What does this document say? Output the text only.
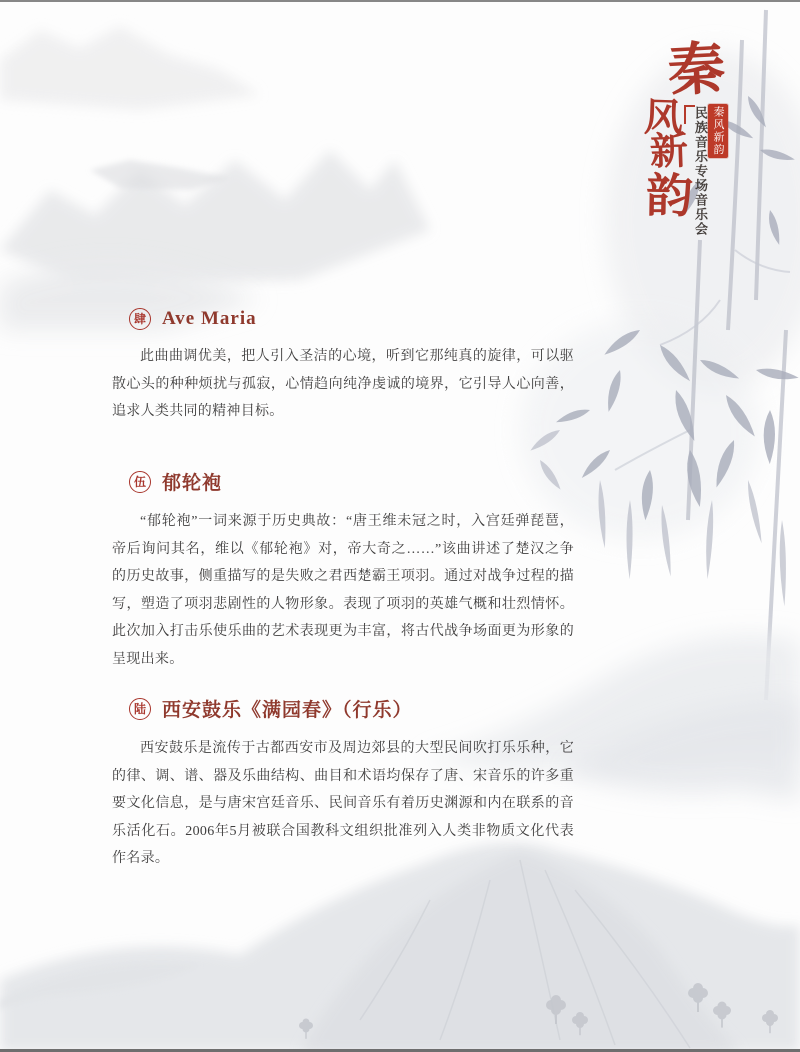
秦
风
新
韵 民族音乐专场音乐会 秦风新韵
肆 Ave Maria

此曲曲调优美，把人引入圣洁的心境，听到它那纯真的旋律，可以驱散心头的种种烦扰与孤寂，心情趋向纯净虔诚的境界，它引导人心向善，追求人类共同的精神目标。

伍 郁轮袍

“郁轮袍”一词来源于历史典故：“唐王维未冠之时，入宫廷弹琵琶，帝后询问其名，维以《郁轮袍》对，帝大奇之……”该曲讲述了楚汉之争的历史故事，侧重描写的是失败之君西楚霸王项羽。通过对战争过程的描写，塑造了项羽悲剧性的人物形象。表现了项羽的英雄气概和壮烈情怀。此次加入打击乐使乐曲的艺术表现更为丰富，将古代战争场面更为形象的呈现出来。

陆 西安鼓乐《满园春》（行乐）

西安鼓乐是流传于古都西安市及周边郊县的大型民间吹打乐乐种，它的律、调、谱、器及乐曲结构、曲目和术语均保存了唐、宋音乐的许多重要文化信息，是与唐宋宫廷音乐、民间音乐有着历史渊源和内在联系的音乐活化石。2006年5月被联合国教科文组织批准列入人类非物质文化代表作名录。
